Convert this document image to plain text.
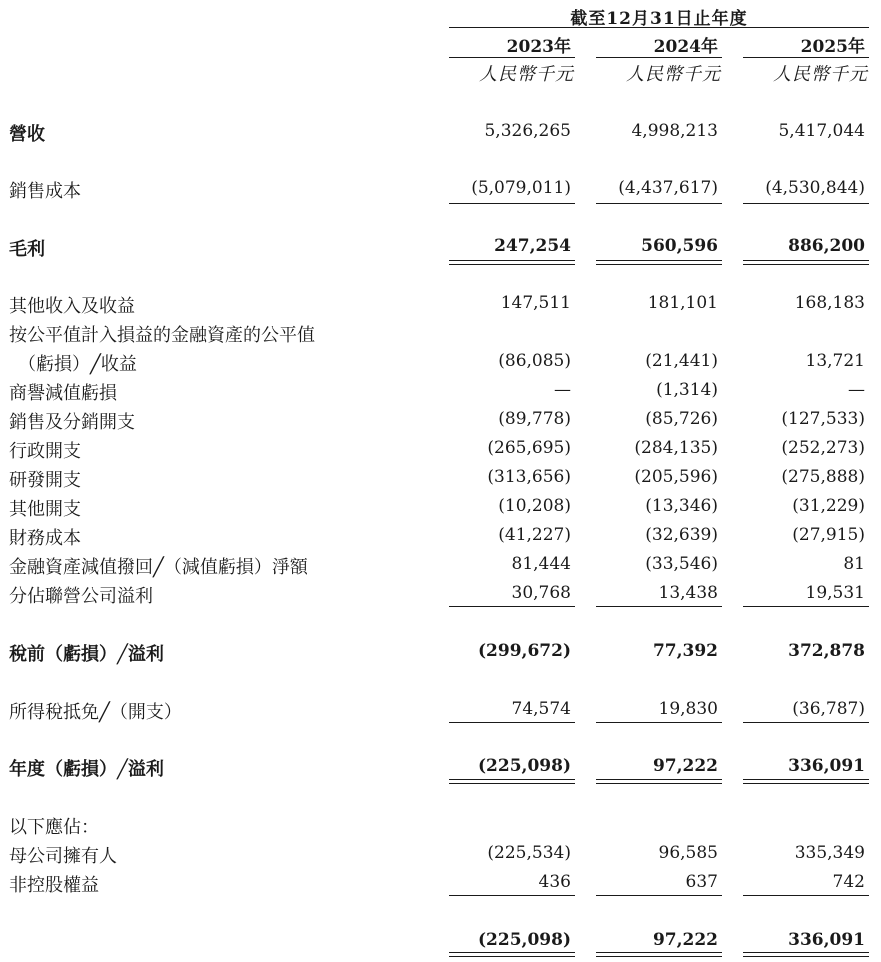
截至12月31日止年度
2023年	2024年	2025年
人民幣千元	人民幣千元	人民幣千元
營收	5,326,265	4,998,213	5,417,044
銷售成本	(5,079,011)	(4,437,617)	(4,530,844)
毛利	247,254	560,596	886,200
其他收入及收益	147,511	181,101	168,183
按公平值計入損益的金融資產的公平值
（虧損）╱收益	(86,085)	(21,441)	13,721
商譽減值虧損	—	(1,314)	—
銷售及分銷開支	(89,778)	(85,726)	(127,533)
行政開支	(265,695)	(284,135)	(252,273)
研發開支	(313,656)	(205,596)	(275,888)
其他開支	(10,208)	(13,346)	(31,229)
財務成本	(41,227)	(32,639)	(27,915)
金融資產減值撥回╱（減值虧損）淨額	81,444	(33,546)	81
分佔聯營公司溢利	30,768	13,438	19,531
稅前（虧損）╱溢利	(299,672)	77,392	372,878
所得稅抵免╱（開支）	74,574	19,830	(36,787)
年度（虧損）╱溢利	(225,098)	97,222	336,091
以下應佔：
母公司擁有人	(225,534)	96,585	335,349
非控股權益	436	637	742
(225,098)	97,222	336,091
